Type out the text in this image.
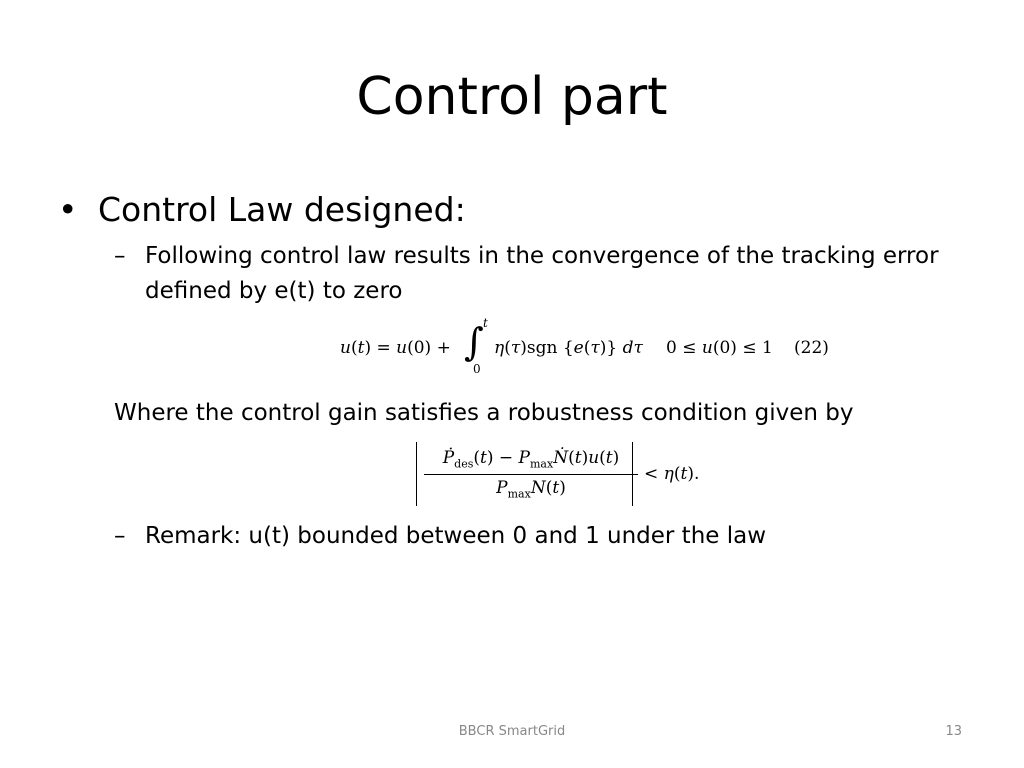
Control part
• Control Law designed:
– Following control law results in the convergence of the tracking error
defined by e(t) to zero
u(t) = u(0) + ∫ t
0
η(τ)sgn {e(τ)} dτ 0 ≤ u(0) ≤ 1 (22)
Where the control gain satisfies a robustness condition given by
Ṗ$_{des}$(t) − $P_{max}Ṅ(t)u(t)$
$P_{max}N(t)$
< η(t).
– Remark: u(t) bounded between 0 and 1 under the law
BBCR SmartGrid	13
